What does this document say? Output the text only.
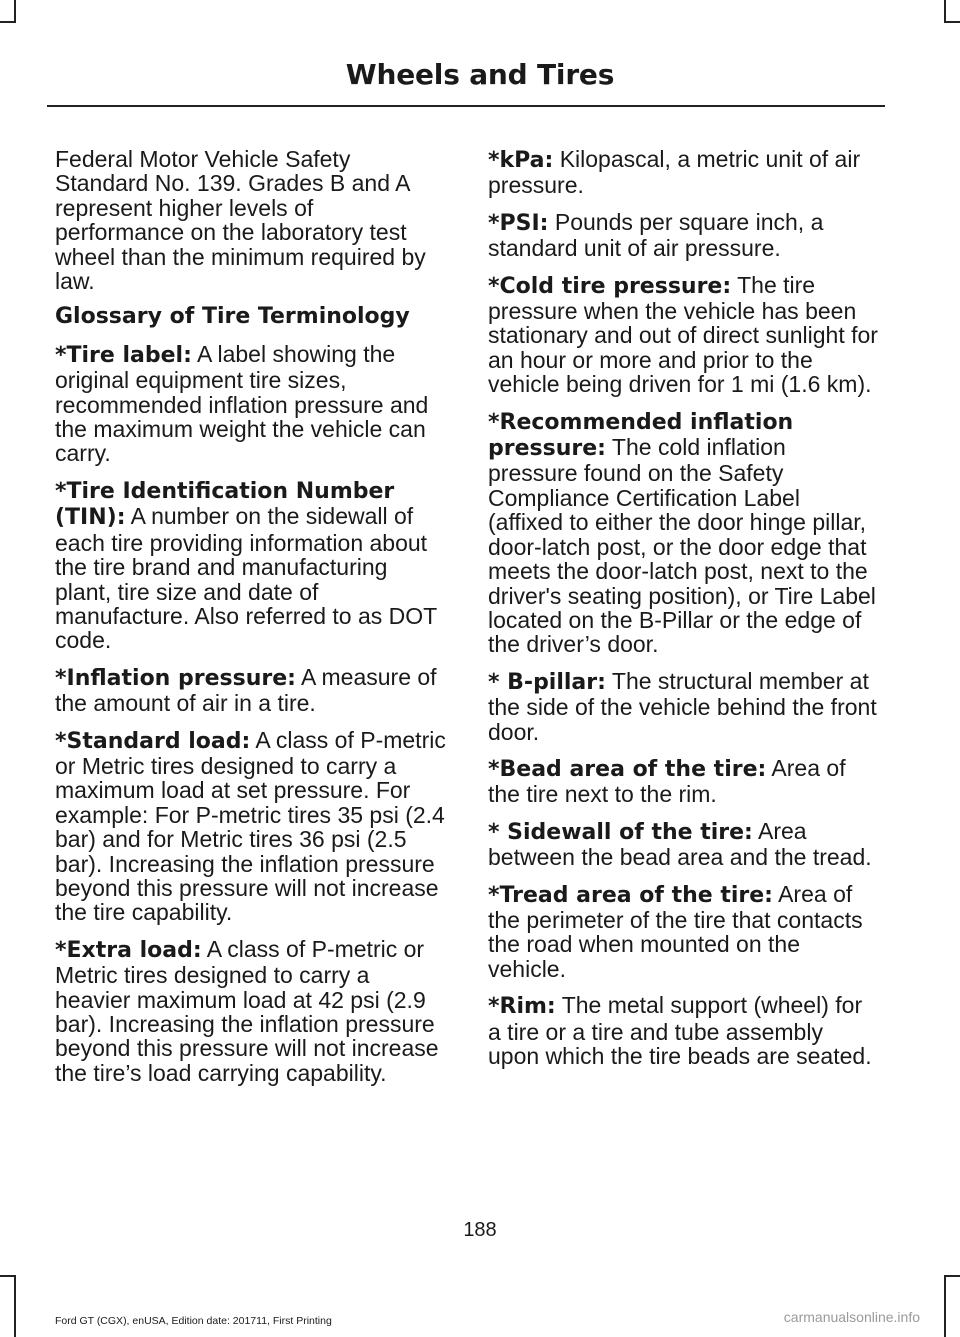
Wheels and Tires

Federal Motor Vehicle Safety Standard No. 139. Grades B and A represent higher levels of performance on the laboratory test wheel than the minimum required by law.

Glossary of Tire Terminology

*Tire label: A label showing the original equipment tire sizes, recommended inflation pressure and the maximum weight the vehicle can carry.

*Tire Identification Number (TIN): A number on the sidewall of each tire providing information about the tire brand and manufacturing plant, tire size and date of manufacture. Also referred to as DOT code.

*Inflation pressure: A measure of the amount of air in a tire.

*Standard load: A class of P-metric or Metric tires designed to carry a maximum load at set pressure. For example: For P-metric tires 35 psi (2.4 bar) and for Metric tires 36 psi (2.5 bar). Increasing the inflation pressure beyond this pressure will not increase the tire capability.

*Extra load: A class of P-metric or Metric tires designed to carry a heavier maximum load at 42 psi (2.9 bar). Increasing the inflation pressure beyond this pressure will not increase the tire’s load carrying capability.

*kPa: Kilopascal, a metric unit of air pressure.

*PSI: Pounds per square inch, a standard unit of air pressure.

*Cold tire pressure: The tire pressure when the vehicle has been stationary and out of direct sunlight for an hour or more and prior to the vehicle being driven for 1 mi (1.6 km).

*Recommended inflation pressure: The cold inflation pressure found on the Safety Compliance Certification Label (affixed to either the door hinge pillar, door-latch post, or the door edge that meets the door-latch post, next to the driver's seating position), or Tire Label located on the B-Pillar or the edge of the driver’s door.

* B-pillar: The structural member at the side of the vehicle behind the front door.

*Bead area of the tire: Area of the tire next to the rim.

* Sidewall of the tire: Area between the bead area and the tread.

*Tread area of the tire: Area of the perimeter of the tire that contacts the road when mounted on the vehicle.

*Rim: The metal support (wheel) for a tire or a tire and tube assembly upon which the tire beads are seated.

188
Ford GT (CGX), enUSA, Edition date: 201711, First Printing	carmanualsonline.info
